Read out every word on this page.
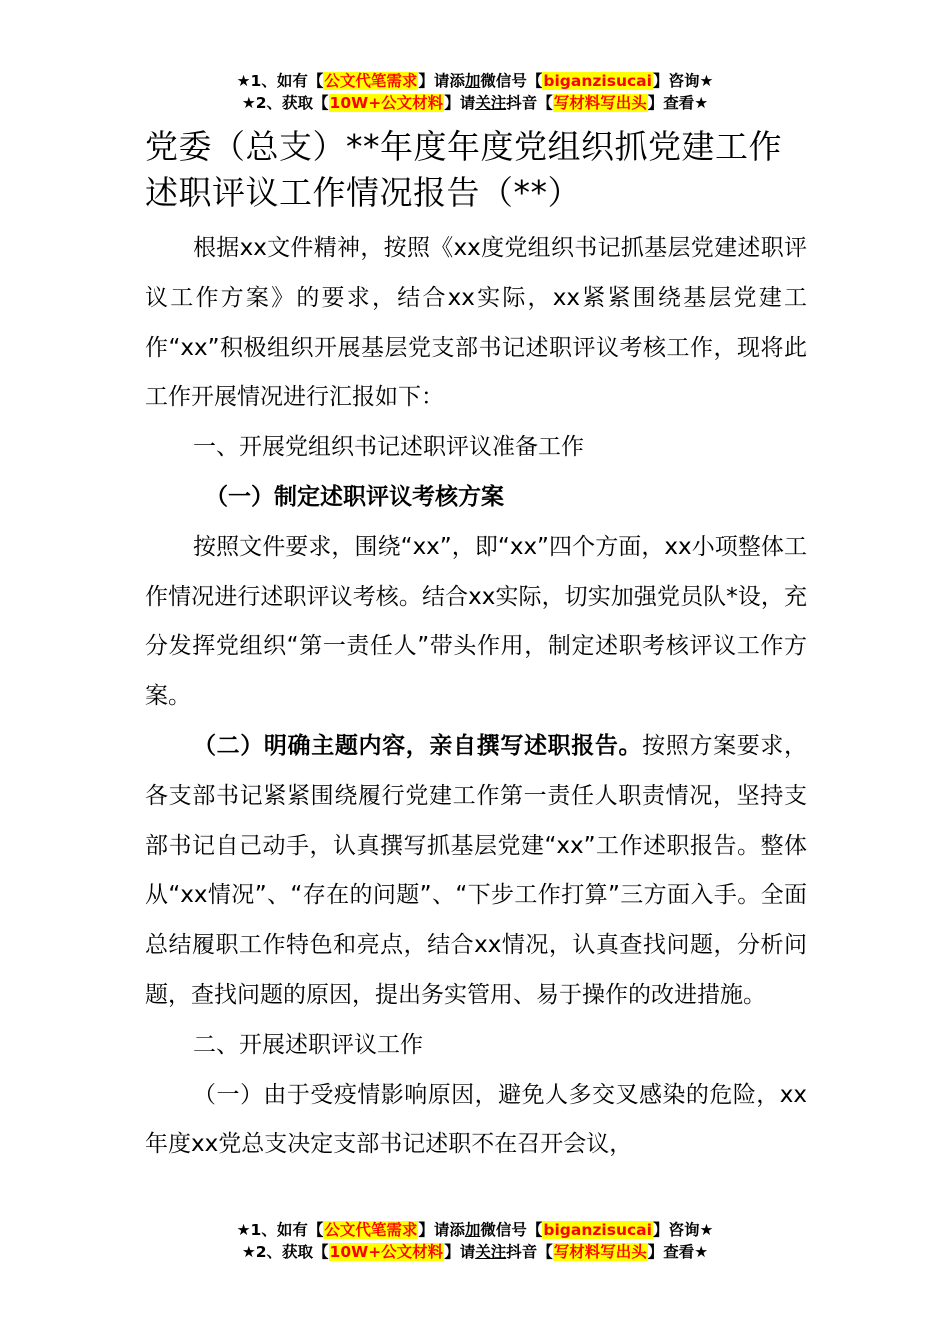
★1、如有【公文代笔需求】请添加微信号【biganzisucai】咨询★
★2、获取【10W+公文材料】请关注抖音【写材料写出头】查看★
党委（总支）**年度年度党组织抓党建工作述职评议工作情况报告（**）

根据xx文件精神，按照《xx度党组织书记抓基层党建述职评议工作方案》的要求，结合xx实际，xx紧紧围绕基层党建工作“xx”积极组织开展基层党支部书记述职评议考核工作，现将此工作开展情况进行汇报如下：

一、开展党组织书记述职评议准备工作

（一）制定述职评议考核方案

按照文件要求，围绕“xx”，即“xx”四个方面，xx小项整体工作情况进行述职评议考核。结合xx实际，切实加强党员队*设，充分发挥党组织“第一责任人”带头作用，制定述职考核评议工作方案。

（二）明确主题内容，亲自撰写述职报告。按照方案要求，各支部书记紧紧围绕履行党建工作第一责任人职责情况，坚持支部书记自己动手，认真撰写抓基层党建“xx”工作述职报告。整体从“xx情况”、“存在的问题”、“下步工作打算”三方面入手。全面总结履职工作特色和亮点，结合xx情况，认真查找问题，分析问题，查找问题的原因，提出务实管用、易于操作的改进措施。

二、开展述职评议工作

（一）由于受疫情影响原因，避免人多交叉感染的危险，xx年度xx党总支决定支部书记述职不在召开会议，

★1、如有【公文代笔需求】请添加微信号【biganzisucai】咨询★
★2、获取【10W+公文材料】请关注抖音【写材料写出头】查看★
